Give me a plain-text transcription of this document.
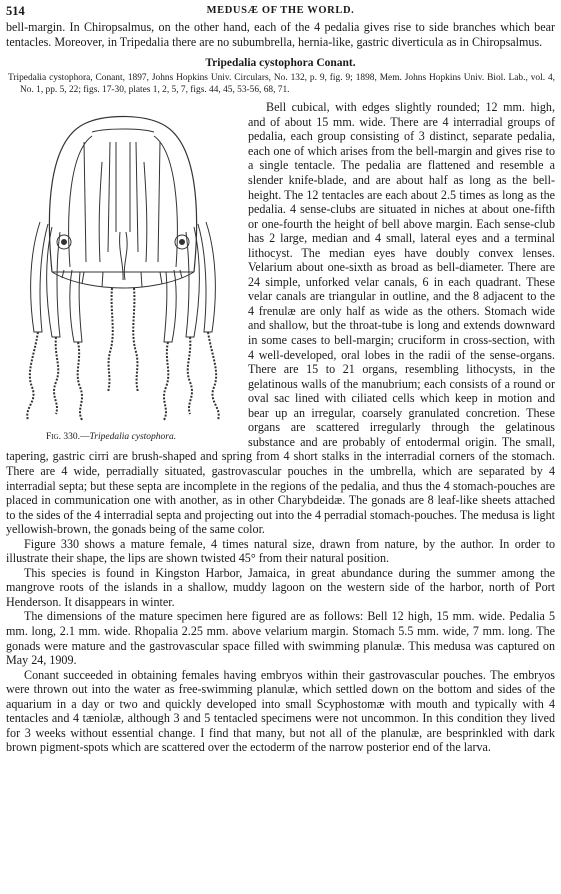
514	MEDUSÆ OF THE WORLD.

bell-margin. In Chiropsalmus, on the other hand, each of the 4 pedalia gives rise to side branches which bear tentacles. Moreover, in Tripedalia there are no subumbrella, hernia-like, gastric diverticula as in Chiropsalmus.

Tripedalia cystophora Conant.

Tripedalia cystophora, Conant, 1897, Johns Hopkins Univ. Circulars, No. 132, p. 9, fig. 9; 1898, Mem. Johns Hopkins Univ. Biol. Lab., vol. 4, No. 1, pp. 5, 22; figs. 17-30, plates 1, 2, 5, 7, figs. 44, 45, 53-56, 68, 71.

Fig. 330.—Tripedalia cystophora.

Bell cubical, with edges slightly rounded; 12 mm. high, and of about 15 mm. wide. There are 4 interradial groups of pedalia, each group consisting of 3 distinct, separate pedalia, each one of which arises from the bell-margin and gives rise to a single tentacle. The pedalia are flattened and resemble a slender knife-blade, and are about half as long as the bell-height. The 12 tentacles are each about 2.5 times as long as the pedalia. 4 sense-clubs are situated in niches at about one-fifth or one-fourth the height of bell above margin. Each sense-club has 2 large, median and 4 small, lateral eyes and a terminal lithocyst. The median eyes have doubly convex lenses. Velarium about one-sixth as broad as bell-diameter. There are 24 simple, unforked velar canals, 6 in each quadrant. These velar canals are triangular in outline, and the 8 adjacent to the 4 frenulæ are only half as wide as the others. Stomach wide and shallow, but the throat-tube is long and extends downward in some cases to bell-margin; cruciform in cross-section, with 4 well-developed, oral lobes in the radii of the sense-organs. There are 15 to 21 organs, resembling lithocysts, in the gelatinous walls of the manubrium; each consists of a round or oval sac lined with ciliated cells which keep in motion and bear up an irregular, coarsely granulated concretion. These organs are scattered irregularly through the gelatinous substance and are probably of entodermal origin. The small, tapering, gastric cirri are brush-shaped and spring from 4 short stalks in the interradial corners of the stomach. There are 4 wide, perradially situated, gastrovascular pouches in the umbrella, which are separated by 4 interradial septa; but these septa are incomplete in the regions of the pedalia, and thus the 4 stomach-pouches are placed in communication one with another, as in other Charybdeidæ. The gonads are 8 leaf-like sheets attached to the sides of the 4 interradial septa and projecting out into the 4 perradial stomach-pouches. The medusa is light yellowish-brown, the gonads being of the same color.

Figure 330 shows a mature female, 4 times natural size, drawn from nature, by the author. In order to illustrate their shape, the lips are shown twisted 45° from their natural position.

This species is found in Kingston Harbor, Jamaica, in great abundance during the summer among the mangrove roots of the islands in a shallow, muddy lagoon on the western side of the harbor, north of Port Henderson. It disappears in winter.

The dimensions of the mature specimen here figured are as follows: Bell 12 high, 15 mm. wide. Pedalia 5 mm. long, 2.1 mm. wide. Rhopalia 2.25 mm. above velarium margin. Stomach 5.5 mm. wide, 7 mm. long. The gonads were mature and the gastrovascular space filled with swimming planulæ. This medusa was captured on May 24, 1909.

Conant succeeded in obtaining females having embryos within their gastrovascular pouches. The embryos were thrown out into the water as free-swimming planulæ, which settled down on the bottom and sides of the aquarium in a day or two and quickly developed into small Scyphostomæ with mouth and typically with 4 tentacles and 4 tæniolæ, although 3 and 5 tentacled specimens were not uncommon. In this condition they lived for 3 weeks without essential change. I find that many, but not all of the planulæ, are besprinkled with dark brown pigment-spots which are scattered over the ectoderm of the narrow posterior end of the larva.
